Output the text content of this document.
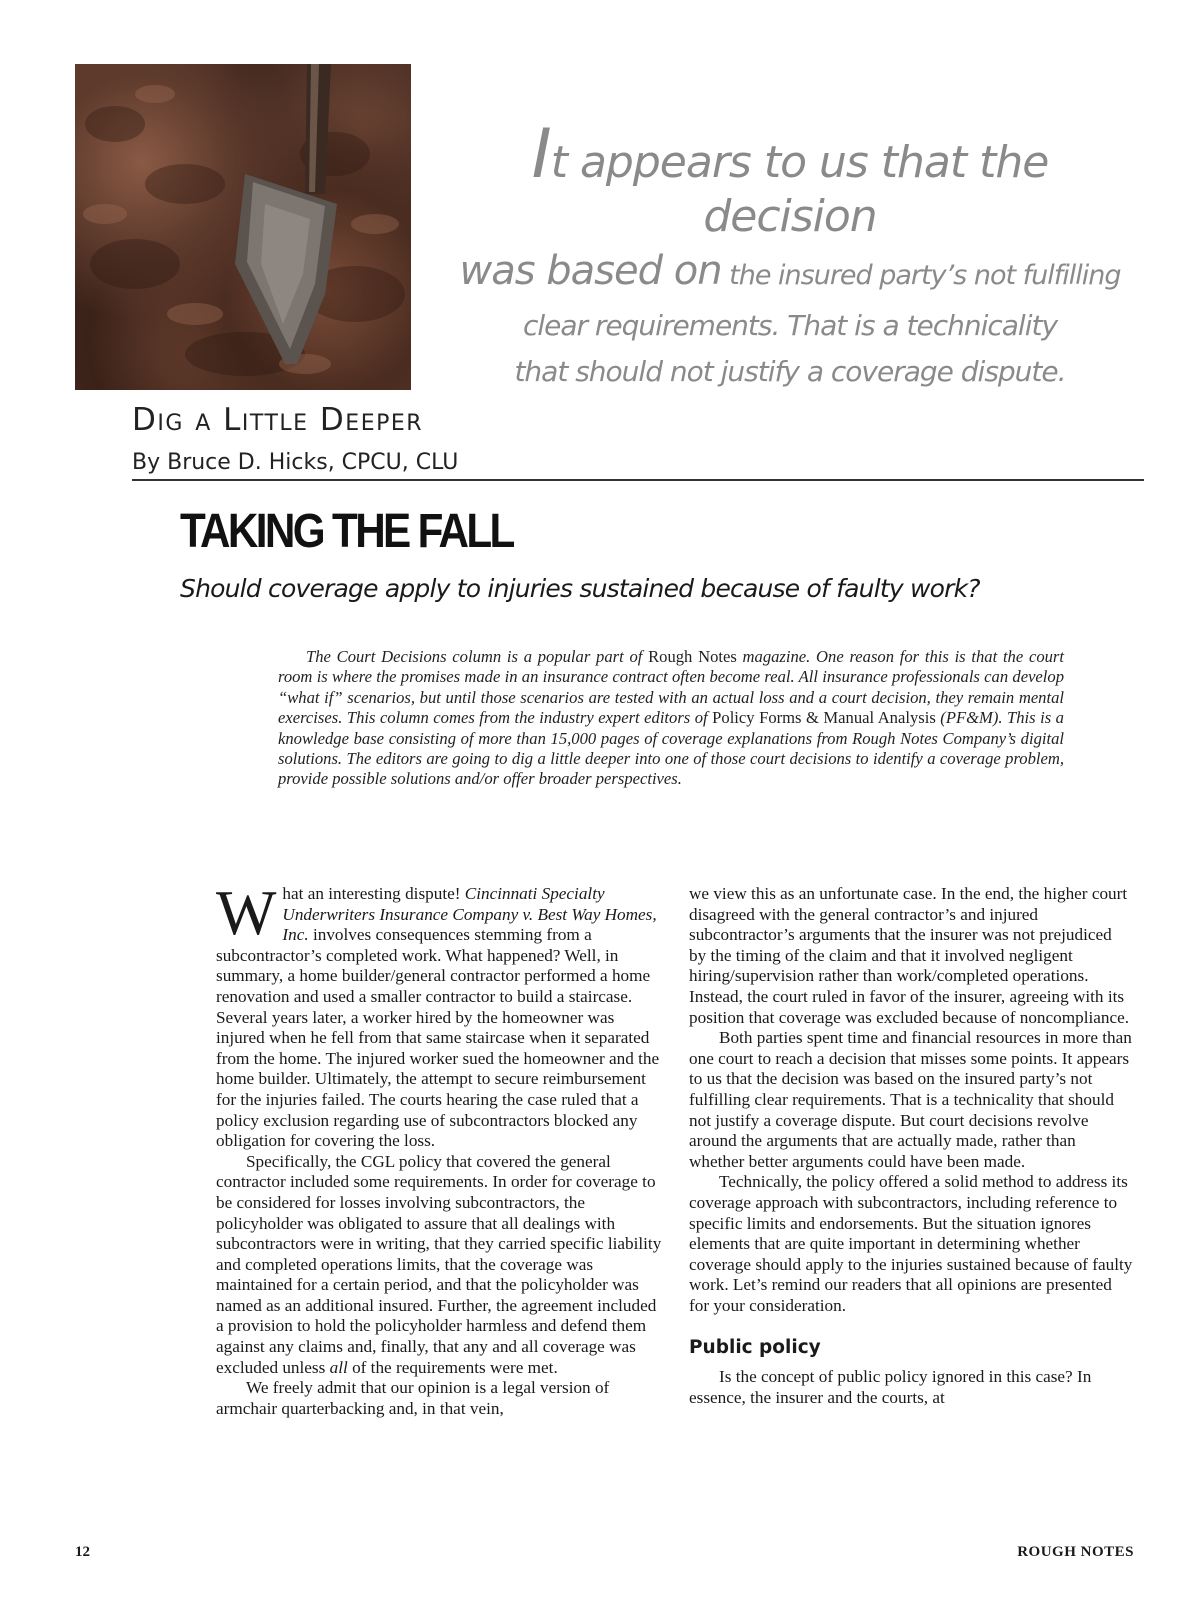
It appears to us that the decision
was based on the insured party’s not fulfilling
clear requirements. That is a technicality
that should not justify a coverage dispute.
Dig a Little Deeper
By Bruce D. Hicks, CPCU, CLU
TAKING THE FALL
Should coverage apply to injuries sustained because of faulty work?
The Court Decisions column is a popular part of Rough Notes magazine. One reason for this is that the court room is where the promises made in an insurance contract often become real. All insurance professionals can develop “what if” scenarios, but until those scenarios are tested with an actual loss and a court decision, they remain mental exercises. This column comes from the industry expert editors of Policy Forms & Manual Analysis (PF&M). This is a knowledge base consisting of more than 15,000 pages of coverage explanations from Rough Notes Company’s digital solutions. The editors are going to dig a little deeper into one of those court decisions to identify a coverage problem, provide possible solutions and/or offer broader perspectives.

What an interesting dispute! Cincinnati Specialty Underwriters Insurance Company v. Best Way Homes, Inc. involves consequences stemming from a subcontractor’s completed work. What happened? Well, in summary, a home builder/general contractor performed a home renovation and used a smaller contractor to build a staircase. Several years later, a worker hired by the homeowner was injured when he fell from that same staircase when it separated from the home. The injured worker sued the homeowner and the home builder. Ultimately, the attempt to secure reimbursement for the injuries failed. The courts hearing the case ruled that a policy exclusion regarding use of subcontractors blocked any obligation for covering the loss.

Specifically, the CGL policy that covered the general contractor included some requirements. In order for coverage to be considered for losses involving subcontractors, the policyholder was obligated to assure that all dealings with subcontractors were in writing, that they carried specific liability and completed operations limits, that the coverage was maintained for a certain period, and that the policyholder was named as an additional insured. Further, the agreement included a provision to hold the policyholder harmless and defend them against any claims and, finally, that any and all coverage was excluded unless all of the requirements were met.

We freely admit that our opinion is a legal version of armchair quarterbacking and, in that vein,

we view this as an unfortunate case. In the end, the higher court disagreed with the general contractor’s and injured subcontractor’s arguments that the insurer was not prejudiced by the timing of the claim and that it involved negligent hiring/supervision rather than work/completed operations. Instead, the court ruled in favor of the insurer, agreeing with its position that coverage was excluded because of noncompliance.

Both parties spent time and financial resources in more than one court to reach a decision that misses some points. It appears to us that the decision was based on the insured party’s not fulfilling clear requirements. That is a technicality that should not justify a coverage dispute. But court decisions revolve around the arguments that are actually made, rather than whether better arguments could have been made.

Technically, the policy offered a solid method to address its coverage approach with subcontractors, including reference to specific limits and endorsements. But the situation ignores elements that are quite important in determining whether coverage should apply to the injuries sustained because of faulty work. Let’s remind our readers that all opinions are presented for your consideration.

Public policy

Is the concept of public policy ignored in this case? In essence, the insurer and the courts, at

12	ROUGH NOTES
